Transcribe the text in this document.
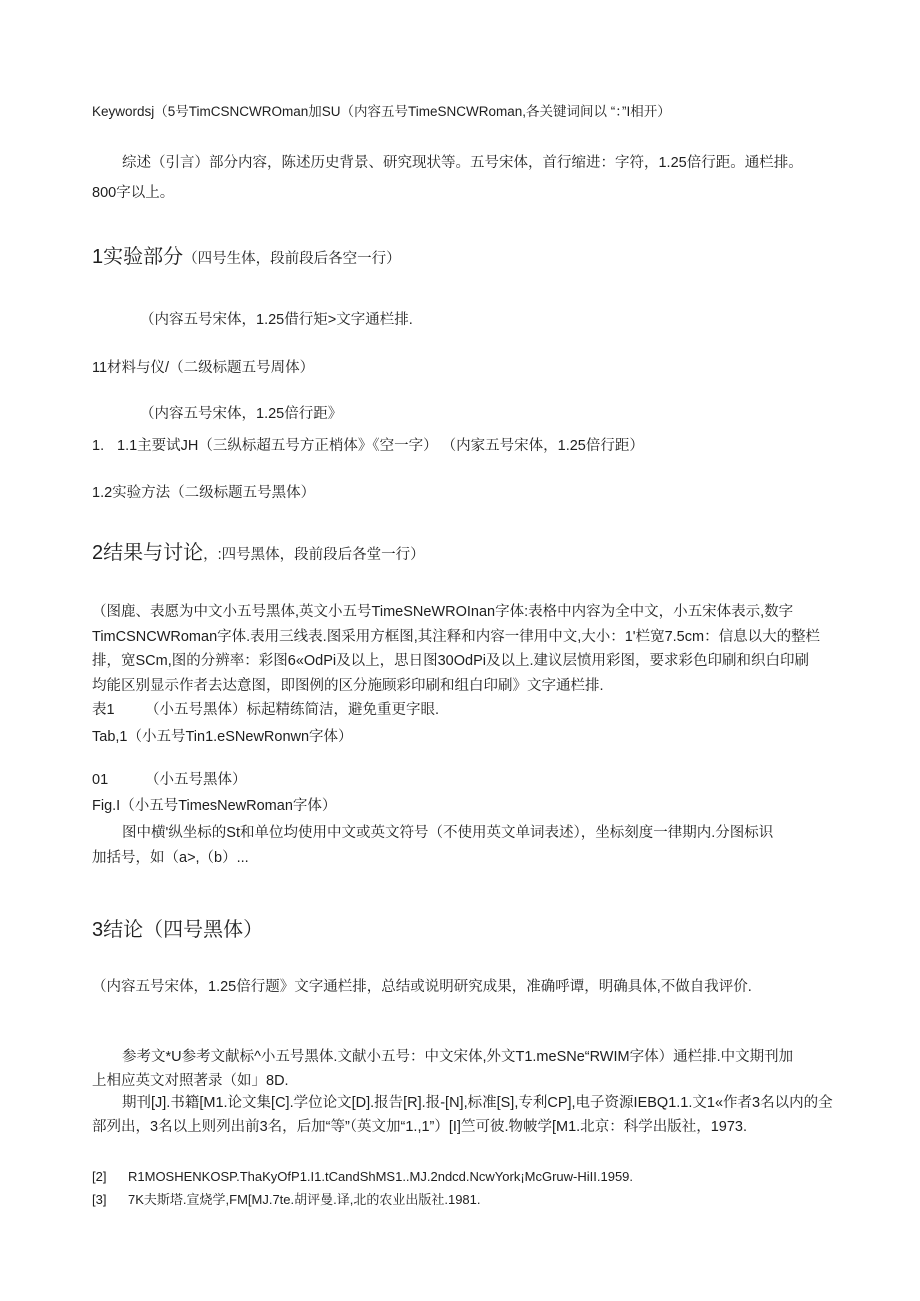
Keywordsj（5号TimCSNCWROman加SU（内容五号TimeSNCWRoman,各关键词间以 “：”I相开）
综述（引言）部分内容，陈述历史背景、研究现状等。五号宋体，首行缩进：字符，1.25倍行距。通栏排。
800字以上。
1实验部分（四号生体，段前段后各空一行）
（内容五号宋体，1.25借行矩>文字通栏排.
11材料与仪/（二级标题五号周体）
（内容五号宋体，1.25倍行距》
1. 1.1主要试JH（三纵标超五号方正梢体》《空一字） （内家五号宋体，1.25倍行距）
1.2实验方法（二级标题五号黑体）
2结果与讨论，:四号黑体，段前段后各堂一行）
（图鹿、表愿为中文小五号黑体,英文小五号TimeSNeWROInan字体:表格中内容为全中文，小五宋体表示,数字
TimCSNCWRoman字体.表用三线表.图采用方框图,其注释和内容一律用中文,大小：1'栏宽7.5cm：信息以大的整栏
排，宽SCm,图的分辨率：彩图6«OdPi及以上，思日图30OdPi及以上.建议层愤用彩图，要求彩色印刷和织白印刷
均能区别显示作者去达意图，即图例的区分施顾彩印刷和组白印刷》文字通栏排.
表1 （小五号黑体）标起精练简洁，避免重更字眼.
Tab,1（小五号Tin1.eSNewRonwn字体）
01	（小五号黑体）
Fig.I（小五号TimesNewRoman字体）
图中横'纵坐标的St和单位均使用中文或英文符号（不使用英文单词表述），坐标刻度一律期内.分图标识
加括号，如（a>,（b）...
3结论（四号黑体）
（内容五号宋体，1.25倍行题》文字通栏排，总结或说明研究成果，准确呼谭，明确具体,不做自我评价.
参考文*U参考文献标^小五号黑体.文献小五号：中文宋体,外文T1.meSNe“RWIM字体）通栏排.中文期刊加
上相应英文对照著录（如」8D.
期刊[J].书籍[M1.论文集[C].学位论文[D].报告[R].报-[N],标准[S],专利CP],电子资源IEBQ1.1.文1«作者3名以内的全
部列出，3名以上则列出前3名，后加“等”（英文加“1.,1”）[I]竺可彼.物帔学[M1.北京：科学出版社，1973.
[2] R1MOSHENKOSP.ThaKyOfP1.I1.tCandShMS1..MJ.2ndcd.NcwYork¡McGruw-HiII.1959.
[3] 7K夫斯塔.宣烧学,FM[MJ.7te.胡评曼.译,北的农业出版社.1981.
